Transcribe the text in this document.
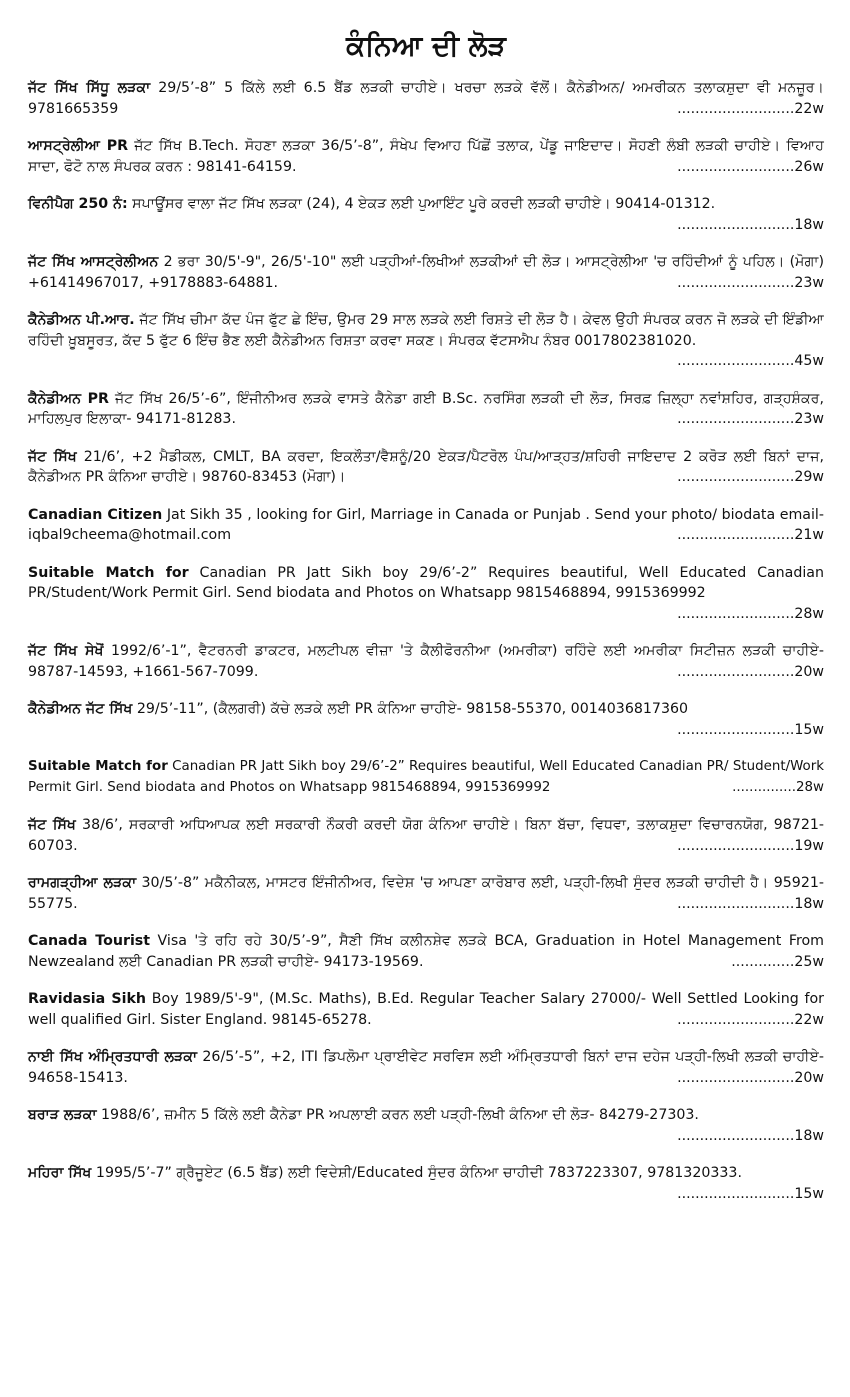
ਕੰਨਿਆ ਦੀ ਲੋੜ
ਜੱਟ ਸਿੱਖ ਸਿੱਧੂ ਲੜਕਾ 29/5’-8” 5 ਕਿੱਲੇ ਲਈ 6.5 ਬੈਂਡ ਲੜਕੀ ਚਾਹੀਏ। ਖਰਚਾ ਲੜਕੇ ਵੱਲੋਂ। ਕੈਨੇਡੀਅਨ/ ਅਮਰੀਕਨ ਤਲਾਕਸ਼ੁਦਾ ਵੀ ਮਨਜ਼ੂਰ। 9781665359	..........................22w
ਆਸਟ੍ਰੇਲੀਆ PR ਜੱਟ ਸਿੱਖ B.Tech. ਸੋਹਣਾ ਲੜਕਾ 36/5’-8”, ਸੰਖੇਪ ਵਿਆਹ ਪਿੱਛੋਂ ਤਲਾਕ, ਪੇਂਡੂ ਜਾਇਦਾਦ। ਸੋਹਣੀ ਲੰਬੀ ਲੜਕੀ ਚਾਹੀਏ। ਵਿਆਹ ਸਾਦਾ, ਫੋਟੋ ਨਾਲ ਸੰਪਰਕ ਕਰਨ : 98141-64159.	..........................26w
ਵਿਨੀਪੈਗ 250 ਨੰ: ਸਪਾਊਂਸਰ ਵਾਲਾ ਜੱਟ ਸਿੱਖ ਲੜਕਾ (24), 4 ਏਕੜ ਲਈ ਪੁਆਇੰਟ ਪੂਰੇ ਕਰਦੀ ਲੜਕੀ ਚਾਹੀਏ। 90414-01312.
..........................18w
ਜੱਟ ਸਿੱਖ ਆਸਟ੍ਰੇਲੀਅਨ 2 ਭਰਾ 30/5'-9", 26/5'-10" ਲਈ ਪੜ੍ਹੀਆਂ-ਲਿਖੀਆਂ ਲੜਕੀਆਂ ਦੀ ਲੋੜ। ਆਸਟ੍ਰੇਲੀਆ 'ਚ ਰਹਿੰਦੀਆਂ ਨੂੰ ਪਹਿਲ। (ਮੋਗਾ) +61414967017, +9178883-64881.	..........................23w
ਕੈਨੇਡੀਅਨ ਪੀ.ਆਰ. ਜੱਟ ਸਿੱਖ ਚੀਮਾ ਕੱਦ ਪੰਜ ਫੁੱਟ ਛੇ ਇੰਚ, ਉਮਰ 29 ਸਾਲ ਲੜਕੇ ਲਈ ਰਿਸ਼ਤੇ ਦੀ ਲੋੜ ਹੈ। ਕੇਵਲ ਉਹੀ ਸੰਪਰਕ ਕਰਨ ਜੋ ਲੜਕੇ ਦੀ ਇੰਡੀਆ ਰਹਿੰਦੀ ਖ਼ੂਬਸੂਰਤ, ਕੱਦ 5 ਫੁੱਟ 6 ਇੰਚ ਭੈਣ ਲਈ ਕੈਨੇਡੀਅਨ ਰਿਸ਼ਤਾ ਕਰਵਾ ਸਕਣ। ਸੰਪਰਕ ਵੱਟਸਐਪ ਨੰਬਰ 0017802381020.
..........................45w
ਕੈਨੇਡੀਅਨ PR ਜੱਟ ਸਿੱਖ 26/5’-6”, ਇੰਜੀਨੀਅਰ ਲੜਕੇ ਵਾਸਤੇ ਕੈਨੇਡਾ ਗਈ B.Sc. ਨਰਸਿੰਗ ਲੜਕੀ ਦੀ ਲੋੜ, ਸਿਰਫ਼ ਜ਼ਿਲ੍ਹਾ ਨਵਾਂਸ਼ਹਿਰ, ਗੜ੍ਹਸ਼ੰਕਰ, ਮਾਹਿਲਪੁਰ ਇਲਾਕਾ- 94171-81283.	..........................23w
ਜੱਟ ਸਿੱਖ 21/6’, +2 ਮੈਡੀਕਲ, CMLT, BA ਕਰਦਾ, ਇਕਲੌਤਾ/ਵੈਸ਼ਨੂੰ/20 ਏਕੜ/ਪੈਟਰੋਲ ਪੰਪ/ਆੜ੍ਹਤ/ਸ਼ਹਿਰੀ ਜਾਇਦਾਦ 2 ਕਰੋੜ ਲਈ ਬਿਨਾਂ ਦਾਜ, ਕੈਨੇਡੀਅਨ PR ਕੰਨਿਆ ਚਾਹੀਏ। 98760-83453 (ਮੋਗਾ)।	..........................29w
Canadian Citizen Jat Sikh 35 , looking for Girl, Marriage in Canada or Punjab . Send your photo/ biodata email- iqbal9cheema@hotmail.com	..........................21w
Suitable Match for Canadian PR Jatt Sikh boy 29/6’-2” Requires beautiful, Well Educated Canadian PR/Student/Work Permit Girl. Send biodata and Photos on Whatsapp 9815468894, 9915369992
..........................28w
ਜੱਟ ਸਿੱਖ ਸੇਖੋਂ 1992/6’-1”, ਵੈਟਰਨਰੀ ਡਾਕਟਰ, ਮਲਟੀਪਲ ਵੀਜ਼ਾ 'ਤੇ ਕੈਲੀਫੋਰਨੀਆ (ਅਮਰੀਕਾ) ਰਹਿੰਦੇ ਲਈ ਅਮਰੀਕਾ ਸਿਟੀਜ਼ਨ ਲੜਕੀ ਚਾਹੀਏ- 98787-14593, +1661-567-7099.	..........................20w
ਕੈਨੇਡੀਅਨ ਜੱਟ ਸਿੱਖ 29/5’-11”, (ਕੈਲਗਰੀ) ਕੱਚੇ ਲੜਕੇ ਲਈ PR ਕੰਨਿਆ ਚਾਹੀਏ- 98158-55370, 0014036817360
..........................15w
Suitable Match for Canadian PR Jatt Sikh boy 29/6’-2” Requires beautiful, Well Educated Canadian PR/ Student/Work Permit Girl. Send biodata and Photos on Whatsapp 9815468894, 9915369992	...............28w
ਜੱਟ ਸਿੱਖ 38/6’, ਸਰਕਾਰੀ ਅਧਿਆਪਕ ਲਈ ਸਰਕਾਰੀ ਨੌਕਰੀ ਕਰਦੀ ਯੋਗ ਕੰਨਿਆ ਚਾਹੀਏ। ਬਿਨਾ ਬੱਚਾ, ਵਿਧਵਾ, ਤਲਾਕਸ਼ੁਦਾ ਵਿਚਾਰਨਯੋਗ, 98721-60703.	..........................19w
ਰਾਮਗੜ੍ਹੀਆ ਲੜਕਾ 30/5’-8” ਮਕੈਨੀਕਲ, ਮਾਸਟਰ ਇੰਜੀਨੀਅਰ, ਵਿਦੇਸ਼ 'ਚ ਆਪਣਾ ਕਾਰੋਬਾਰ ਲਈ, ਪੜ੍ਹੀ-ਲਿਖੀ ਸੁੰਦਰ ਲੜਕੀ ਚਾਹੀਦੀ ਹੈ। 95921-55775.	..........................18w
Canada Tourist Visa 'ਤੇ ਰਹਿ ਰਹੇ 30/5’-9”, ਸੈਣੀ ਸਿੱਖ ਕਲੀਨਸ਼ੇਵ ਲੜਕੇ BCA, Graduation in Hotel Management From Newzealand ਲਈ Canadian PR ਲੜਕੀ ਚਾਹੀਏ- 94173-19569.	..............25w
Ravidasia Sikh Boy 1989/5'-9", (M.Sc. Maths), B.Ed. Regular Teacher Salary 27000/- Well Settled Looking for well qualified Girl. Sister England. 98145-65278.	..........................22w
ਨਾਈ ਸਿੱਖ ਅੰਮ੍ਰਿਤਧਾਰੀ ਲੜਕਾ 26/5’-5”, +2, ITI ਡਿਪਲੋਮਾ ਪ੍ਰਾਈਵੇਟ ਸਰਵਿਸ ਲਈ ਅੰਮ੍ਰਿਤਧਾਰੀ ਬਿਨਾਂ ਦਾਜ ਦਹੇਜ ਪੜ੍ਹੀ-ਲਿਖੀ ਲੜਕੀ ਚਾਹੀਏ- 94658-15413.	..........................20w
ਬਰਾੜ ਲੜਕਾ 1988/6’, ਜ਼ਮੀਨ 5 ਕਿੱਲੇ ਲਈ ਕੈਨੇਡਾ PR ਅਪਲਾਈ ਕਰਨ ਲਈ ਪੜ੍ਹੀ-ਲਿਖੀ ਕੰਨਿਆ ਦੀ ਲੋੜ- 84279-27303.
..........................18w
ਮਹਿਰਾ ਸਿੱਖ 1995/5’-7” ਗ੍ਰੈਜੂਏਟ (6.5 ਬੈਂਡ) ਲਈ ਵਿਦੇਸ਼ੀ/Educated ਸੁੰਦਰ ਕੰਨਿਆ ਚਾਹੀਦੀ 7837223307, 9781320333.
..........................15w
